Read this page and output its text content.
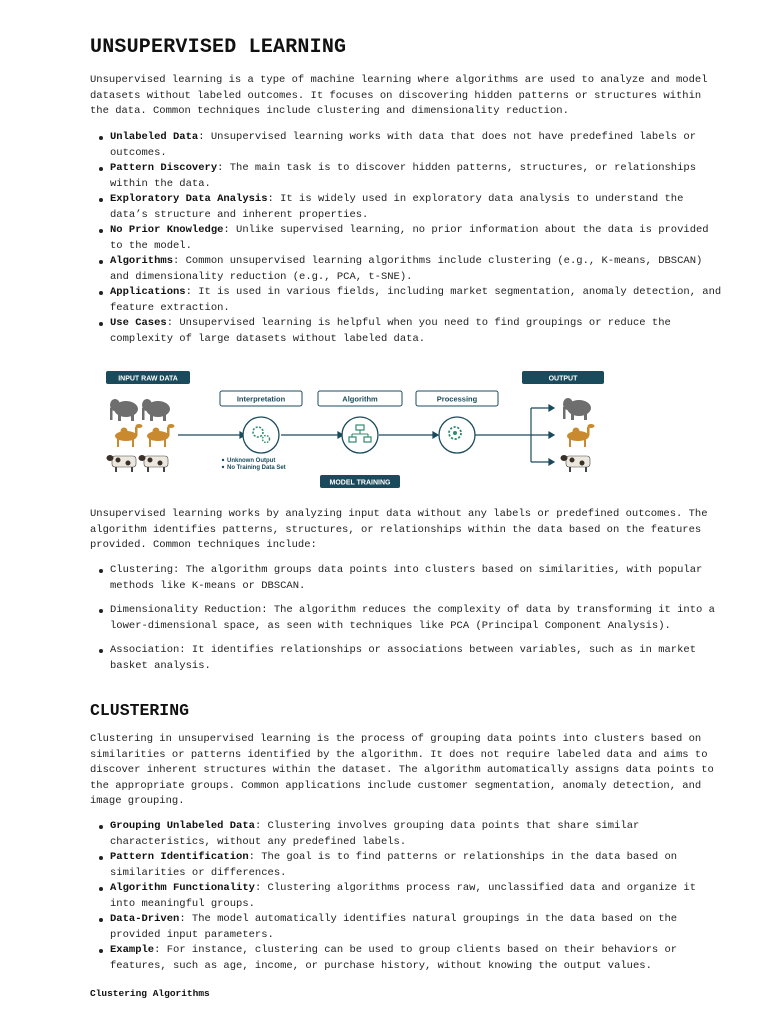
UNSUPERVISED LEARNING

Unsupervised learning is a type of machine learning where algorithms are used to analyze and model datasets without labeled outcomes. It focuses on discovering hidden patterns or structures within the data. Common techniques include clustering and dimensionality reduction.

Unlabeled Data: Unsupervised learning works with data that does not have predefined labels or outcomes.
Pattern Discovery: The main task is to discover hidden patterns, structures, or relationships within the data.
Exploratory Data Analysis: It is widely used in exploratory data analysis to understand the data’s structure and inherent properties.
No Prior Knowledge: Unlike supervised learning, no prior information about the data is provided to the model.
Algorithms: Common unsupervised learning algorithms include clustering (e.g., K-means, DBSCAN) and dimensionality reduction (e.g., PCA, t-SNE).
Applications: It is used in various fields, including market segmentation, anomaly detection, and feature extraction.
Use Cases: Unsupervised learning is helpful when you need to find groupings or reduce the complexity of large datasets without labeled data.
INPUT RAW DATA	OUTPUT
Interpretation	Algorithm	Processing
Unknown Output
No Training Data Set
MODEL TRAINING

Unsupervised learning works by analyzing input data without any labels or predefined outcomes. The algorithm identifies patterns, structures, or relationships within the data based on the features provided. Common techniques include:

Clustering: The algorithm groups data points into clusters based on similarities, with popular methods like K-means or DBSCAN.
Dimensionality Reduction: The algorithm reduces the complexity of data by transforming it into a lower-dimensional space, as seen with techniques like PCA (Principal Component Analysis).
Association: It identifies relationships or associations between variables, such as in market basket analysis.
CLUSTERING

Clustering in unsupervised learning is the process of grouping data points into clusters based on similarities or patterns identified by the algorithm. It does not require labeled data and aims to discover inherent structures within the dataset. The algorithm automatically assigns data points to the appropriate groups. Common applications include customer segmentation, anomaly detection, and image grouping.

Grouping Unlabeled Data: Clustering involves grouping data points that share similar characteristics, without any predefined labels.
Pattern Identification: The goal is to find patterns or relationships in the data based on similarities or differences.
Algorithm Functionality: Clustering algorithms process raw, unclassified data and organize it into meaningful groups.
Data-Driven: The model automatically identifies natural groupings in the data based on the provided input parameters.
Example: For instance, clustering can be used to group clients based on their behaviors or features, such as age, income, or purchase history, without knowing the output values.
Clustering Algorithms
